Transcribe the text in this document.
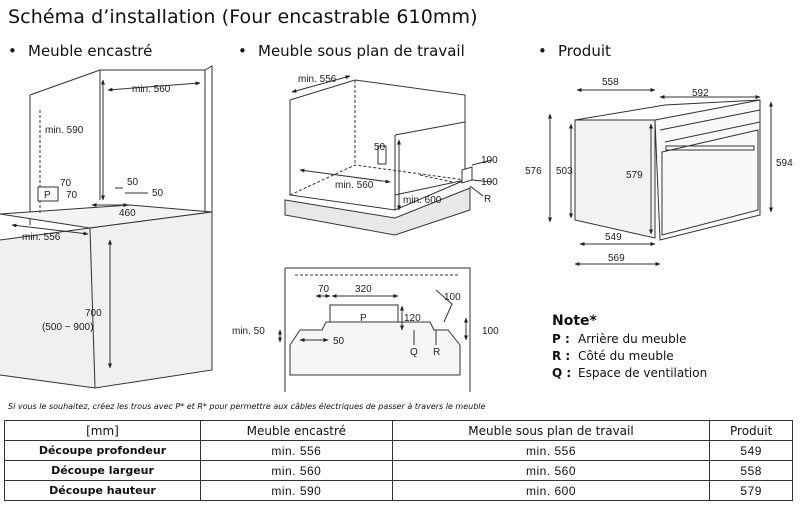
Schéma d’installation (Four encastrable 610mm)
• Meuble encastré	• Meuble sous plan de travail	• Produit
min. 560
min. 590
70
70
P
50
50
460
min. 556
700
(500 ~ 900)
min. 556
min. 560
min. 600
50
100
100
R
70	320
P	120
min. 50
50
100
100
Q R
558
592
576 503	579
594
549
569
Note*
P : Arrière du meuble
R : Côté du meuble
Q : Espace de ventilation
Si vous le souhaitez, créez les trous avec P* et R* pour permettre aux câbles électriques de passer à travers le meuble
[mm]	Meuble encastré	Meuble sous plan de travail	Produit
Découpe profondeur	min. 556	min. 556	549
Découpe largeur	min. 560	min. 560	558
Découpe hauteur	min. 590	min. 600	579
